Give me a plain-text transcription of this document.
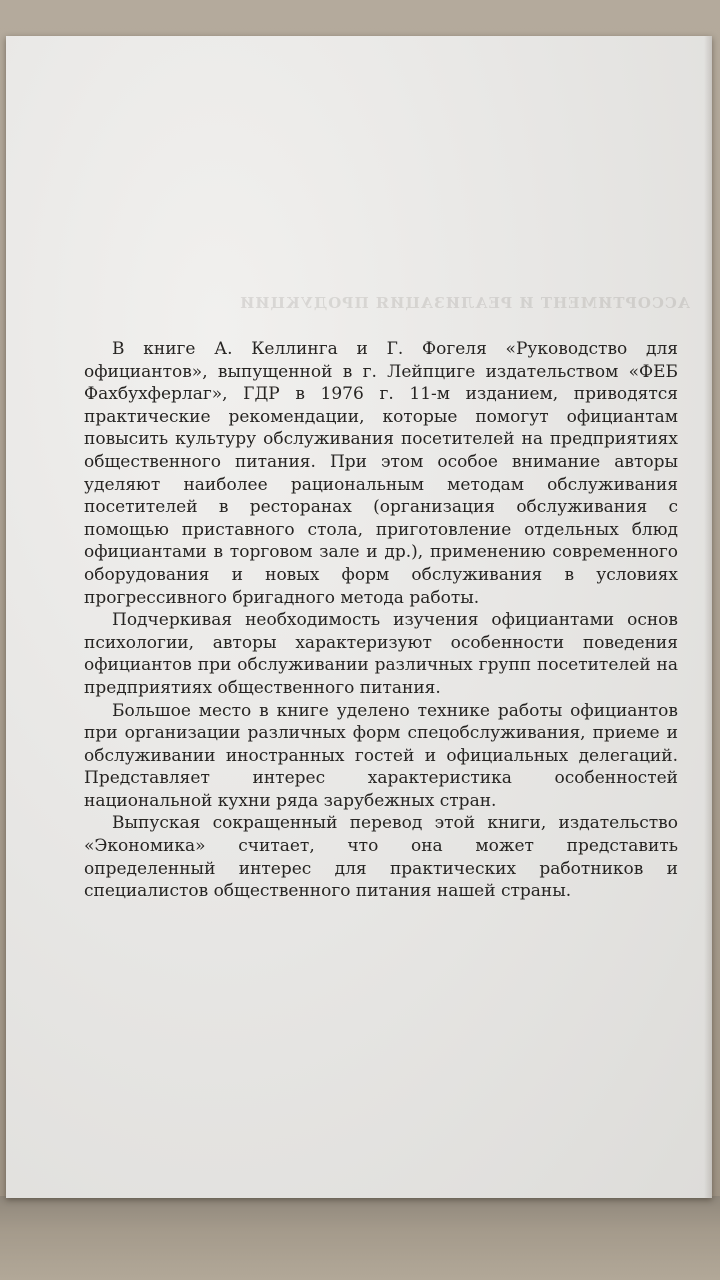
АССОРТИМЕНТ И РЕАЛИЗАЦИЯ ПРОДУКЦИИ

В книге А. Келлинга и Г. Фогеля «Руководство для официантов», выпущенной в г. Лейпциге издательством «ФЕБ Фахбухферлаг», ГДР в 1976 г. 11-м изданием, приводятся практические рекомендации, которые помогут официантам повысить культуру обслуживания посетителей на предприятиях общественного питания. При этом особое внимание авторы уделяют наиболее рациональным методам обслуживания посетителей в ресторанах (организация обслуживания с помощью приставного стола, приготовление отдельных блюд официантами в торговом зале и др.), применению современного оборудования и новых форм обслуживания в условиях прогрессивного бригадного метода работы.

Подчеркивая необходимость изучения официантами основ психологии, авторы характеризуют особенности поведения официантов при обслуживании различных групп посетителей на предприятиях общественного питания.

Большое место в книге уделено технике работы официантов при организации различных форм спецобслуживания, приеме и обслуживании иностранных гостей и официальных делегаций. Представляет интерес характеристика особенностей национальной кухни ряда зарубежных стран.

Выпуская сокращенный перевод этой книги, издательство «Экономика» считает, что она может представить определенный интерес для практических работников и специалистов общественного питания нашей страны.
